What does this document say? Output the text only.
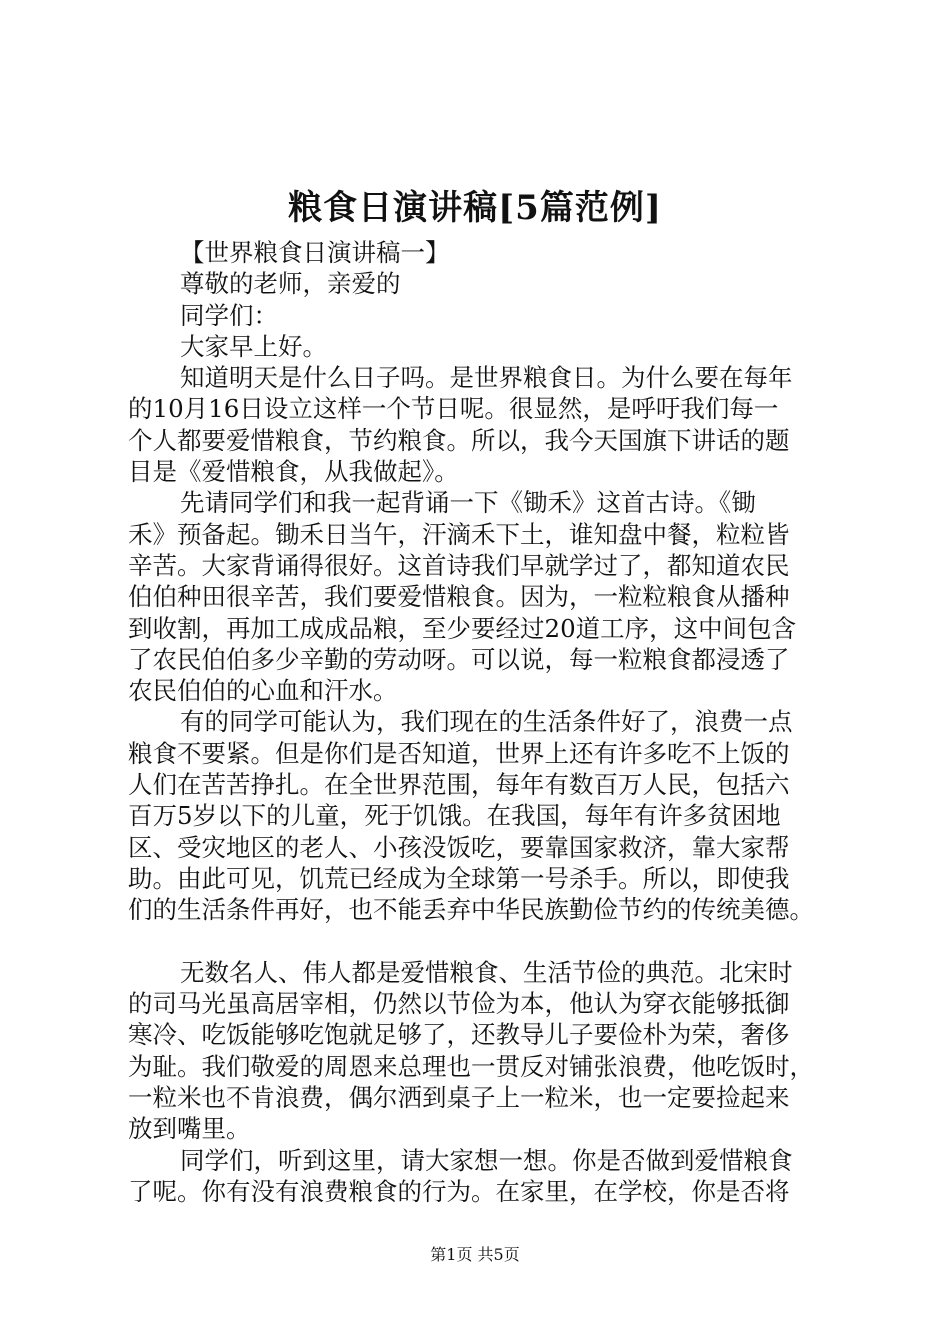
粮食日演讲稿[5篇范例]
【世界粮食日演讲稿一】
尊敬的老师，亲爱的
同学们：
大家早上好。
知道明天是什么日子吗。是世界粮食日。为什么要在每年
的10月16日设立这样一个节日呢。很显然，是呼吁我们每一
个人都要爱惜粮食，节约粮食。所以，我今天国旗下讲话的题
目是《爱惜粮食，从我做起》。
先请同学们和我一起背诵一下《锄禾》这首古诗。《锄
禾》预备起。锄禾日当午，汗滴禾下土，谁知盘中餐，粒粒皆
辛苦。大家背诵得很好。这首诗我们早就学过了，都知道农民
伯伯种田很辛苦，我们要爱惜粮食。因为，一粒粒粮食从播种
到收割，再加工成成品粮，至少要经过20道工序，这中间包含
了农民伯伯多少辛勤的劳动呀。可以说，每一粒粮食都浸透了
农民伯伯的心血和汗水。
有的同学可能认为，我们现在的生活条件好了，浪费一点
粮食不要紧。但是你们是否知道，世界上还有许多吃不上饭的
人们在苦苦挣扎。在全世界范围，每年有数百万人民，包括六
百万5岁以下的儿童，死于饥饿。在我国，每年有许多贫困地
区、受灾地区的老人、小孩没饭吃，要靠国家救济，靠大家帮
助。由此可见，饥荒已经成为全球第一号杀手。所以，即使我
们的生活条件再好，也不能丢弃中华民族勤俭节约的传统美德。
无数名人、伟人都是爱惜粮食、生活节俭的典范。北宋时
的司马光虽高居宰相，仍然以节俭为本，他认为穿衣能够抵御
寒冷、吃饭能够吃饱就足够了，还教导儿子要俭朴为荣，奢侈
为耻。我们敬爱的周恩来总理也一贯反对铺张浪费，他吃饭时，
一粒米也不肯浪费，偶尔洒到桌子上一粒米，也一定要捡起来
放到嘴里。
同学们，听到这里，请大家想一想。你是否做到爱惜粮食
了呢。你有没有浪费粮食的行为。在家里，在学校，你是否将
第1页 共5页
